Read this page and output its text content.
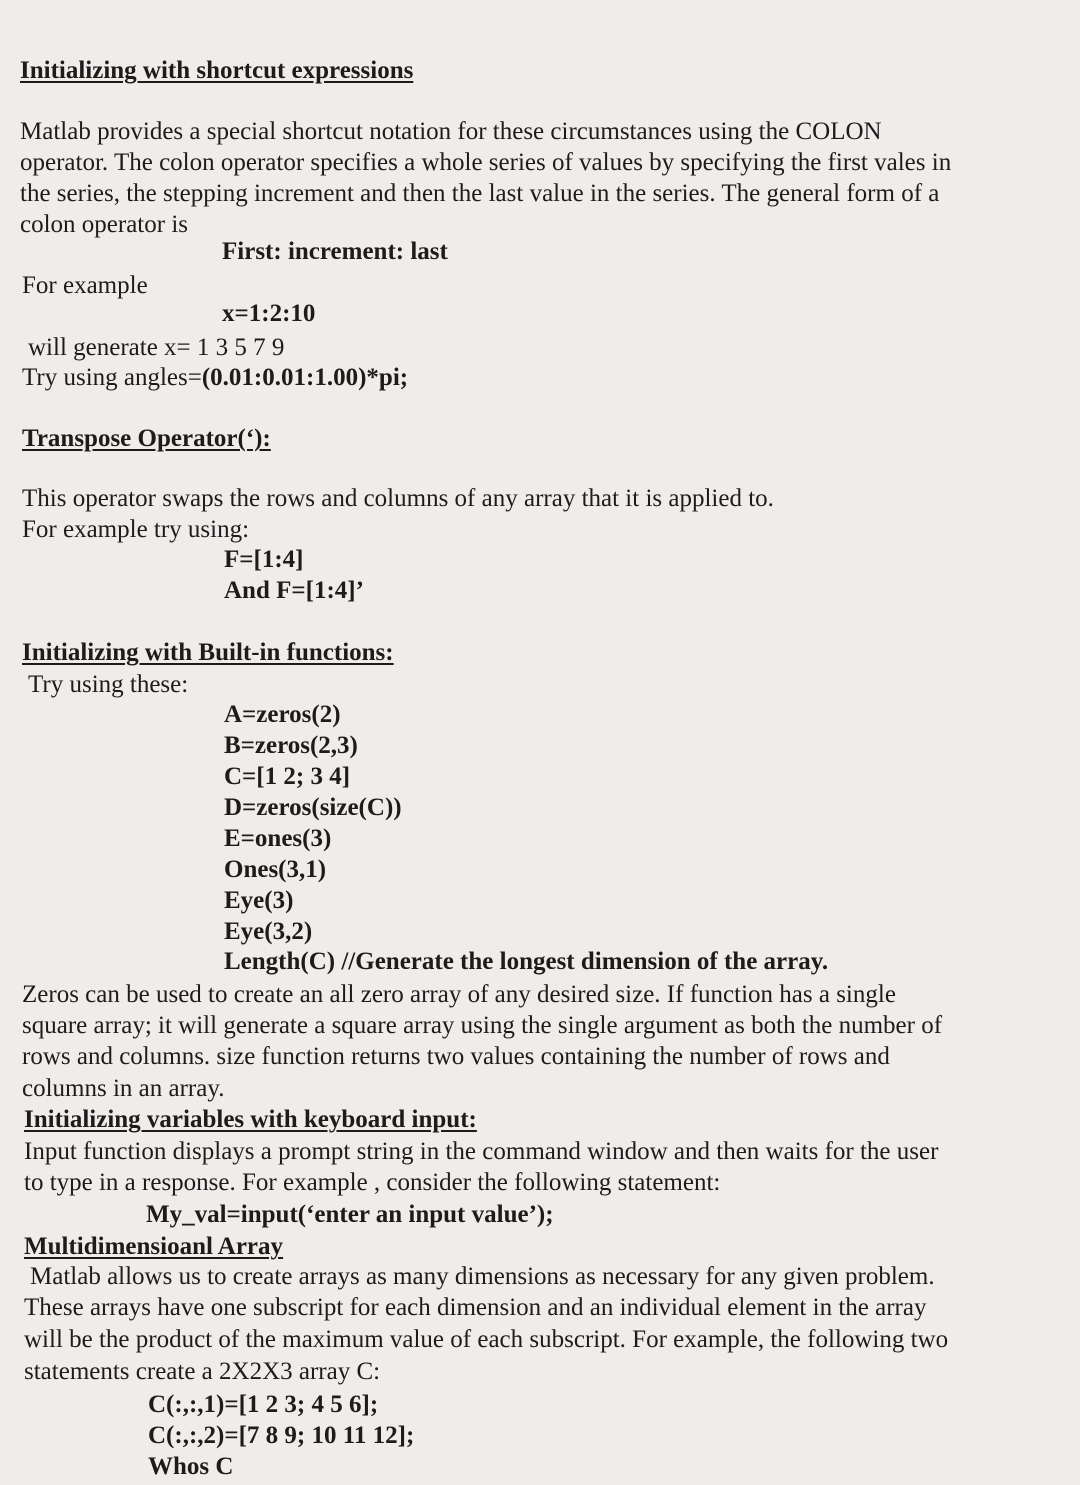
Initializing with shortcut expressions
Matlab provides a special shortcut notation for these circumstances using the COLON
operator. The colon operator specifies a whole series of values by specifying the first vales in
the series, the stepping increment and then the last value in the series. The general form of a
colon operator is
First: increment: last
For example
x=1:2:10
will generate x= 1 3 5 7 9
Try using angles=(0.01:0.01:1.00)*pi;
Transpose Operator(‘):
This operator swaps the rows and columns of any array that it is applied to.
For example try using:
F=[1:4]
And F=[1:4]’
Initializing with Built-in functions:
Try using these:
A=zeros(2)
B=zeros(2,3)
C=[1 2; 3 4]
D=zeros(size(C))
E=ones(3)
Ones(3,1)
Eye(3)
Eye(3,2)
Length(C) //Generate the longest dimension of the array.
Zeros can be used to create an all zero array of any desired size. If function has a single
square array; it will generate a square array using the single argument as both the number of
rows and columns. size function returns two values containing the number of rows and
columns in an array.
Initializing variables with keyboard input:
Input function displays a prompt string in the command window and then waits for the user
to type in a response. For example , consider the following statement:
My_val=input(‘enter an input value’);
Multidimensioanl Array
Matlab allows us to create arrays as many dimensions as necessary for any given problem.
These arrays have one subscript for each dimension and an individual element in the array
will be the product of the maximum value of each subscript. For example, the following two
statements create a 2X2X3 array C:
C(:,:,1)=[1 2 3; 4 5 6];
C(:,:,2)=[7 8 9; 10 11 12];
Whos C
